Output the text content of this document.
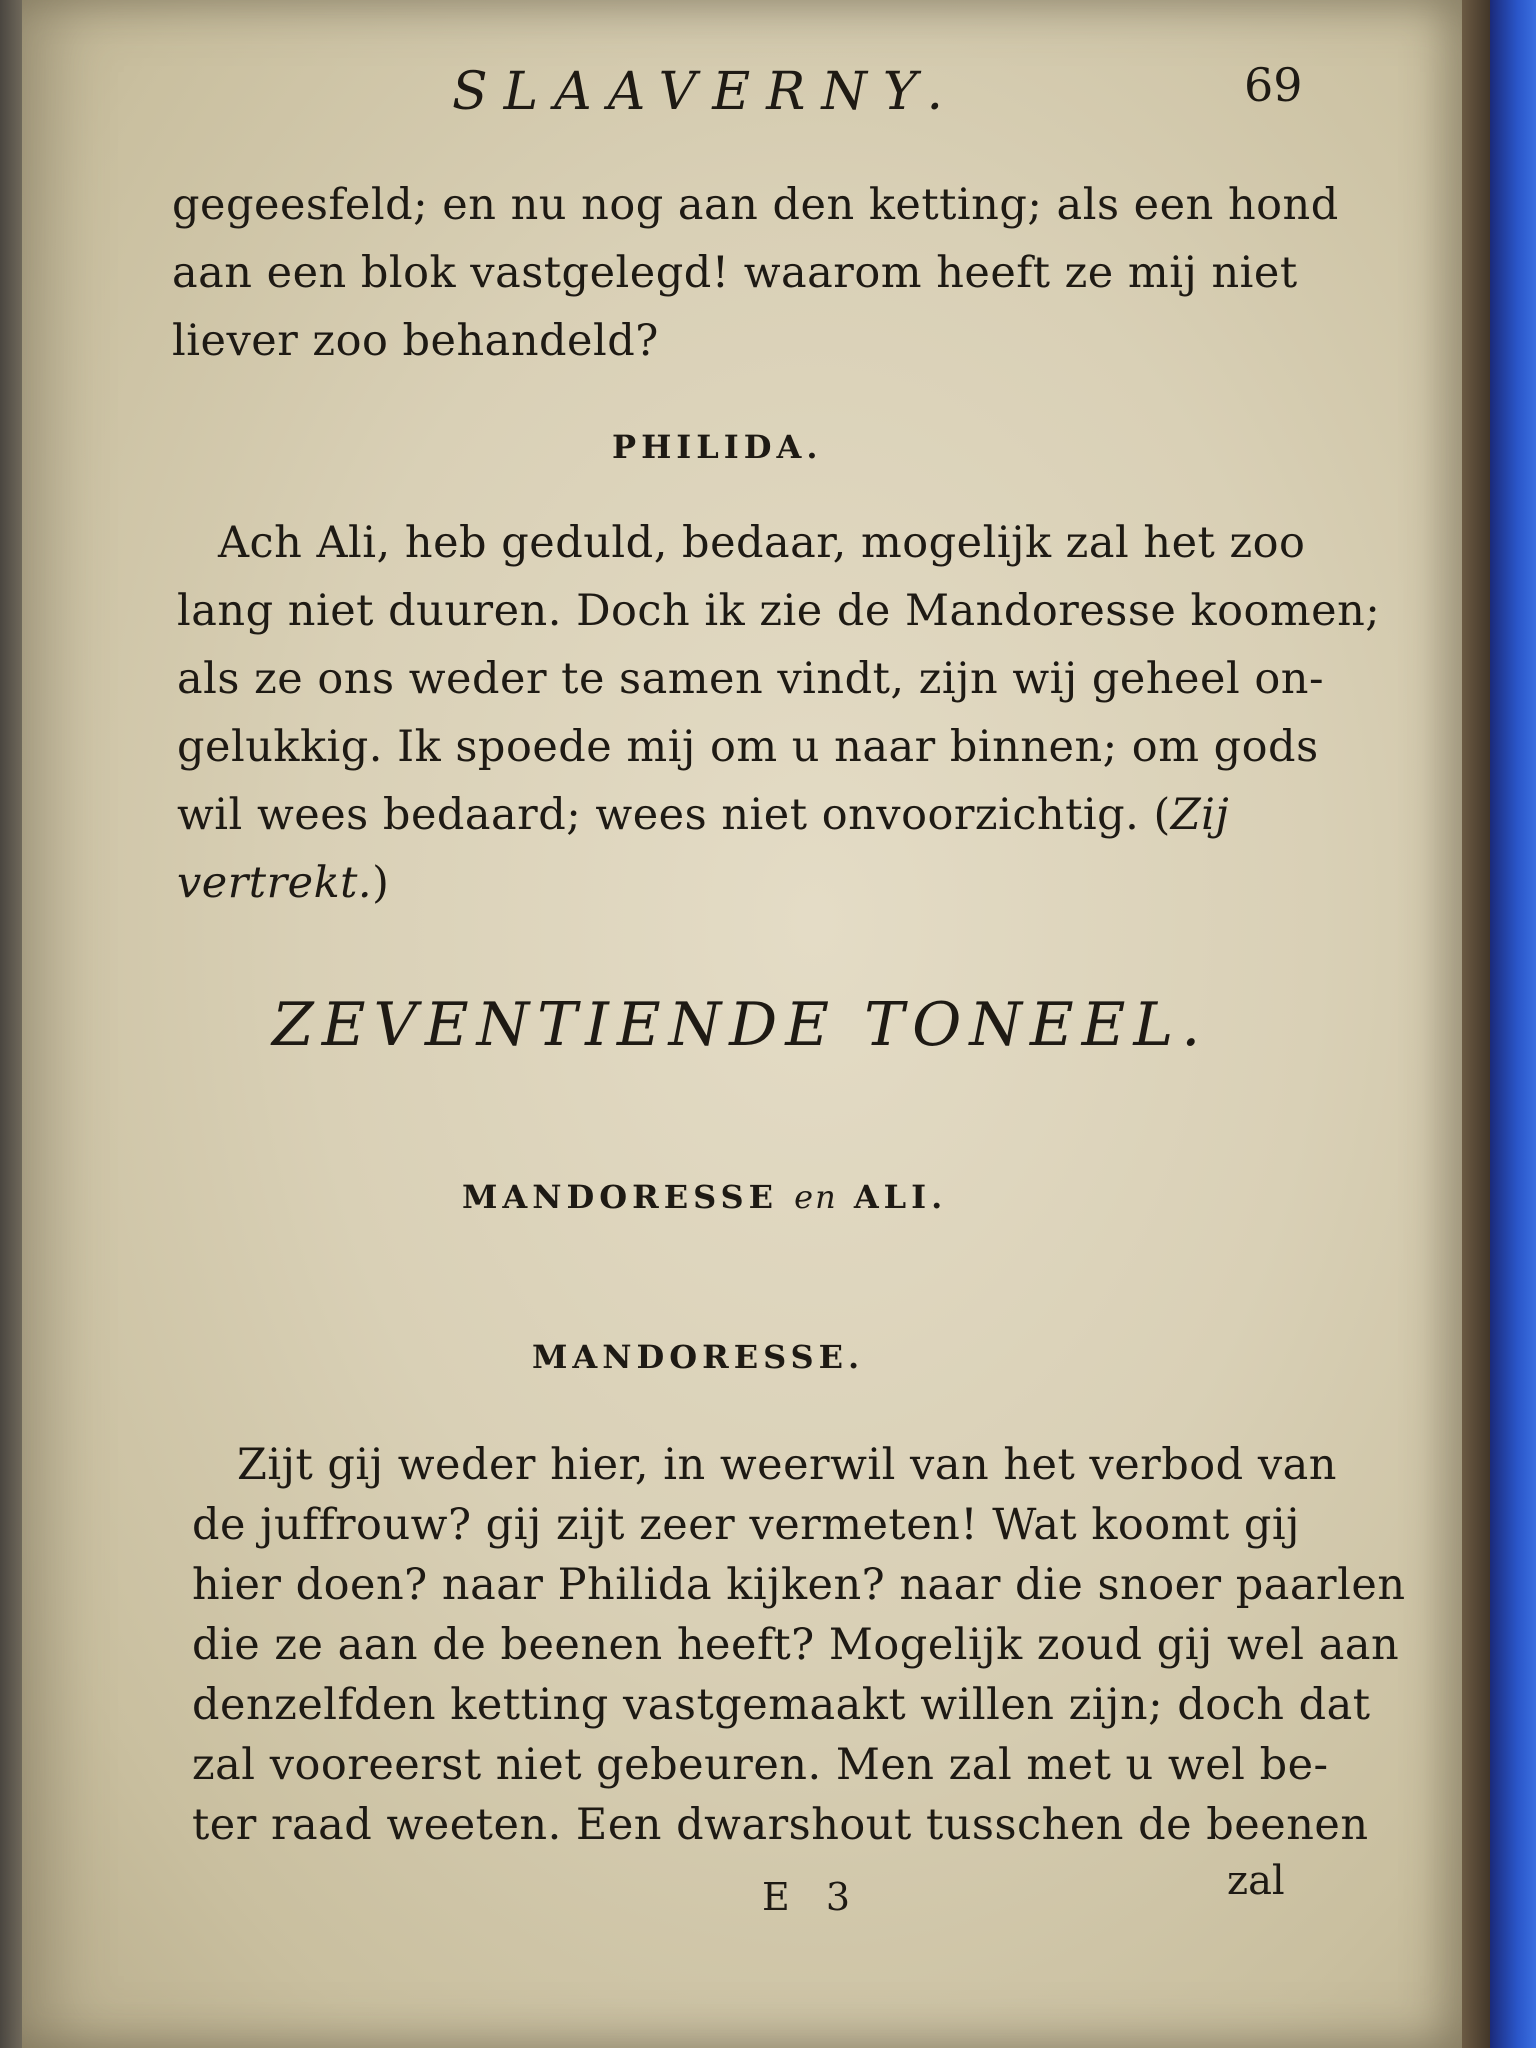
SLAAVERNY.	69
gegeesfeld; en nu nog aan den ketting; als een hond
aan een blok vastgelegd! waarom heeft ze mij niet
liever zoo behandeld?
PHILIDA.
Ach Ali, heb geduld, bedaar, mogelijk zal het zoo
lang niet duuren. Doch ik zie de Mandoresse koomen;
als ze ons weder te samen vindt, zijn wij geheel on-
gelukkig. Ik spoede mij om u naar binnen; om gods
wil wees bedaard; wees niet onvoorzichtig. (Zij
vertrekt.)
ZEVENTIENDE TONEEL.
MANDORESSE en ALI.
MANDORESSE.
Zijt gij weder hier, in weerwil van het verbod van
de juffrouw? gij zijt zeer vermeten! Wat koomt gij
hier doen? naar Philida kijken? naar die snoer paarlen
die ze aan de beenen heeft? Mogelijk zoud gij wel aan
denzelfden ketting vastgemaakt willen zijn; doch dat
zal vooreerst niet gebeuren. Men zal met u wel be-
ter raad weeten. Een dwarshout tusschen de beenen
E 3	zal
